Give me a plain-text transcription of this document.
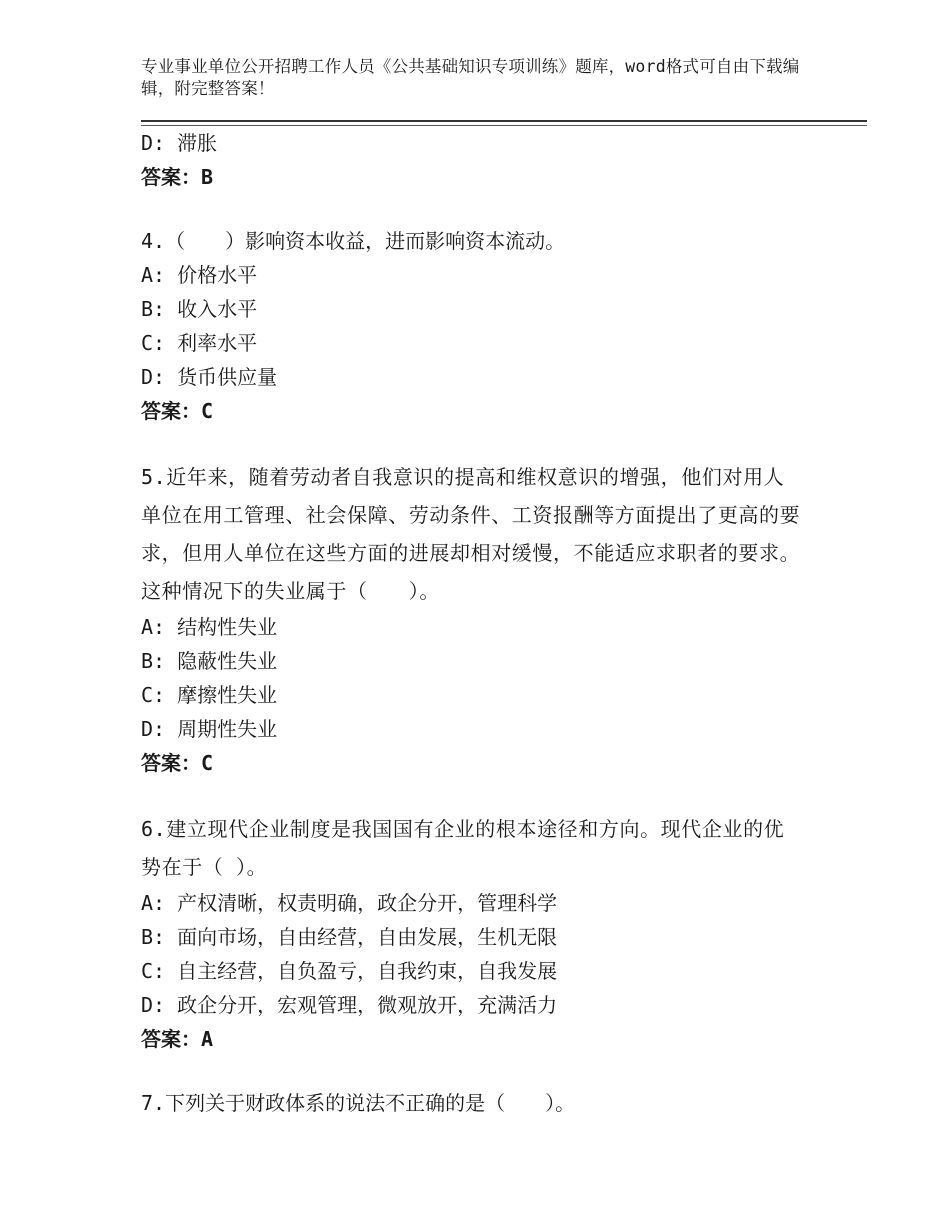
专业事业单位公开招聘工作人员《公共基础知识专项训练》题库，word格式可自由下载编辑，附完整答案！
D: 滞胀
答案：B
4.（　　）影响资本收益，进而影响资本流动。
A: 价格水平
B: 收入水平
C: 利率水平
D: 货币供应量
答案：C
5.近年来，随着劳动者自我意识的提高和维权意识的增强，他们对用人单位在用工管理、社会保障、劳动条件、工资报酬等方面提出了更高的要求，但用人单位在这些方面的进展却相对缓慢，不能适应求职者的要求。这种情况下的失业属于（　　）。
A: 结构性失业
B: 隐蔽性失业
C: 摩擦性失业
D: 周期性失业
答案：C
6.建立现代企业制度是我国国有企业的根本途径和方向。现代企业的优势在于（ ）。
A: 产权清晰，权责明确，政企分开，管理科学
B: 面向市场，自由经营，自由发展，生机无限
C: 自主经营，自负盈亏，自我约束，自我发展
D: 政企分开，宏观管理，微观放开，充满活力
答案：A
7.下列关于财政体系的说法不正确的是（　　）。
